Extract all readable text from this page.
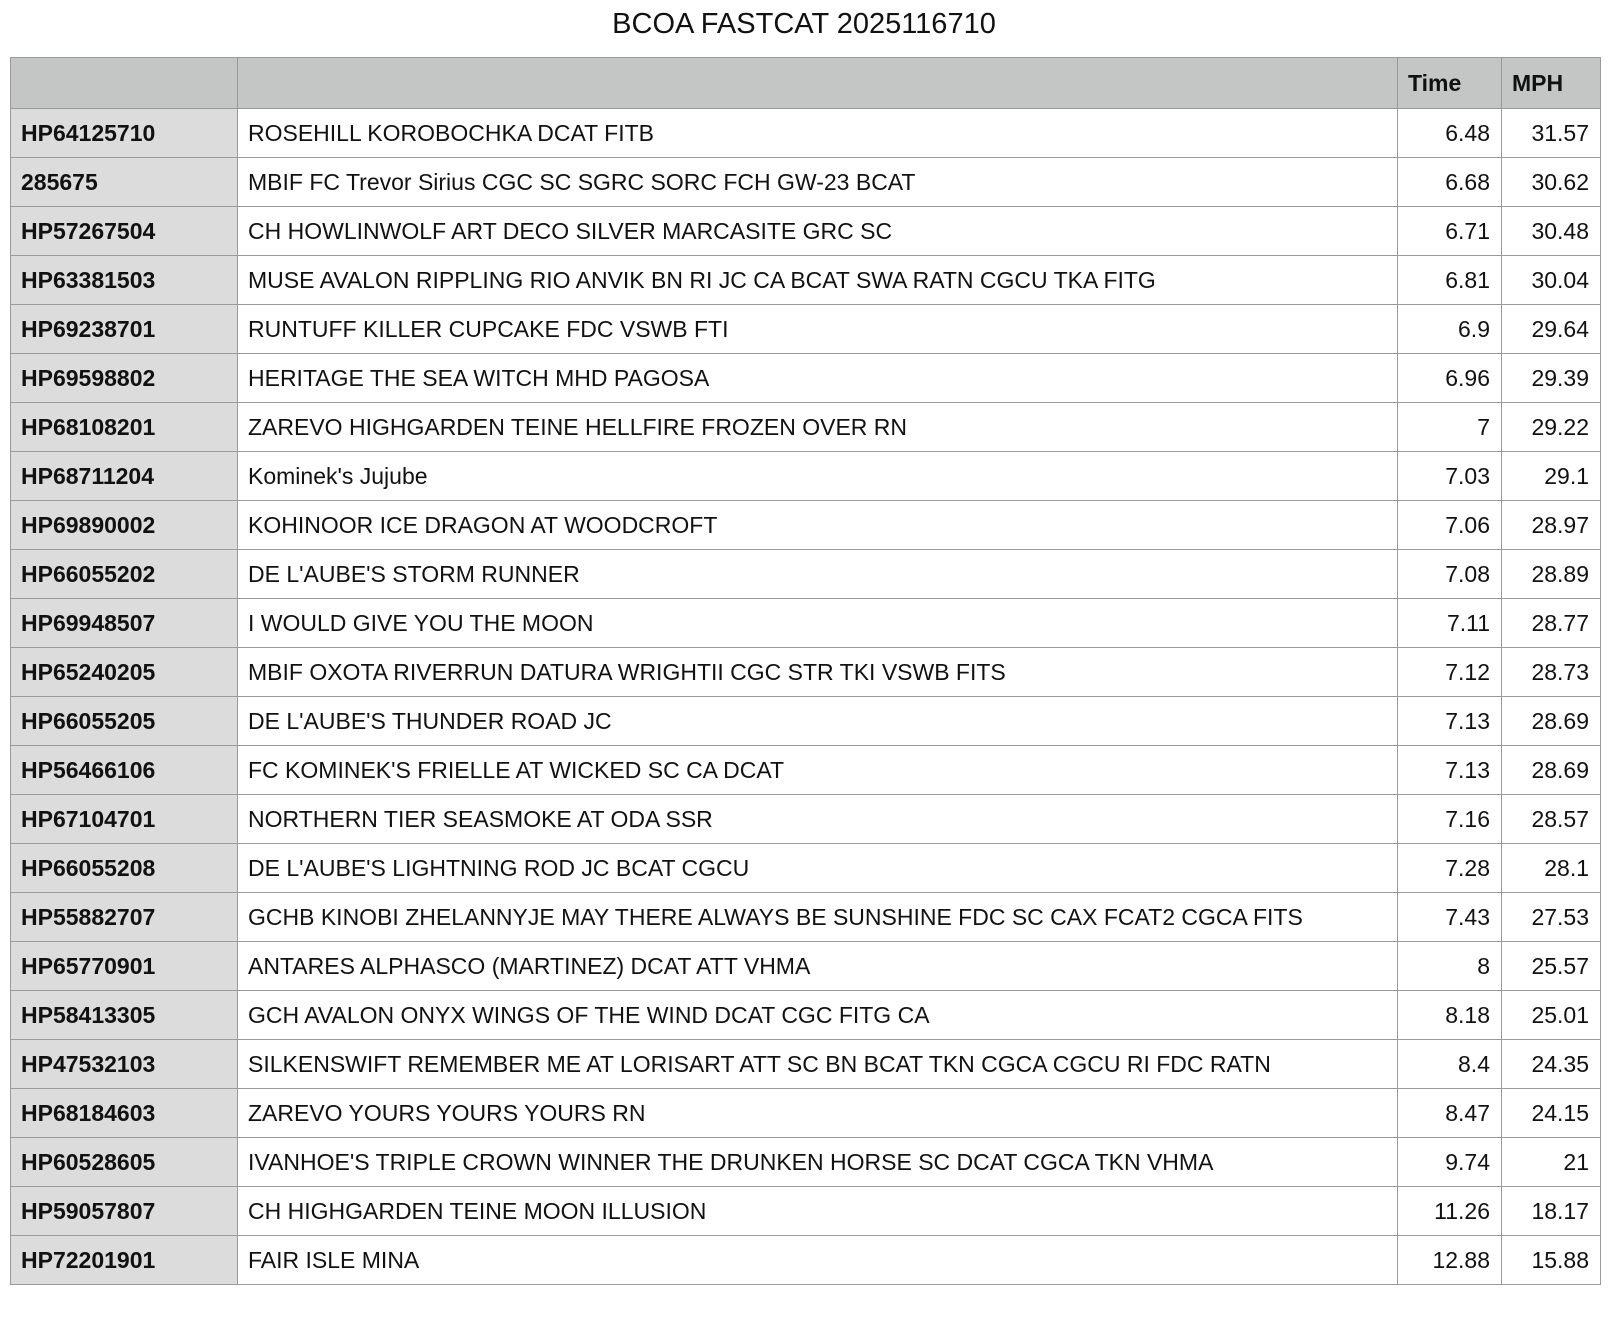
BCOA FASTCAT 2025116710
		Time	MPH
HP64125710	ROSEHILL KOROBOCHKA DCAT FITB	6.48	31.57
285675	MBIF FC Trevor Sirius CGC SC SGRC SORC FCH GW-23 BCAT	6.68	30.62
HP57267504	CH HOWLINWOLF ART DECO SILVER MARCASITE GRC SC	6.71	30.48
HP63381503	MUSE AVALON RIPPLING RIO ANVIK BN RI JC CA BCAT SWA RATN CGCU TKA FITG	6.81	30.04
HP69238701	RUNTUFF KILLER CUPCAKE FDC VSWB FTI	6.9	29.64
HP69598802	HERITAGE THE SEA WITCH MHD PAGOSA	6.96	29.39
HP68108201	ZAREVO HIGHGARDEN TEINE HELLFIRE FROZEN OVER RN	7	29.22
HP68711204	Kominek's Jujube	7.03	29.1
HP69890002	KOHINOOR ICE DRAGON AT WOODCROFT	7.06	28.97
HP66055202	DE L'AUBE'S STORM RUNNER	7.08	28.89
HP69948507	I WOULD GIVE YOU THE MOON	7.11	28.77
HP65240205	MBIF OXOTA RIVERRUN DATURA WRIGHTII CGC STR TKI VSWB FITS	7.12	28.73
HP66055205	DE L'AUBE'S THUNDER ROAD JC	7.13	28.69
HP56466106	FC KOMINEK'S FRIELLE AT WICKED SC CA DCAT	7.13	28.69
HP67104701	NORTHERN TIER SEASMOKE AT ODA SSR	7.16	28.57
HP66055208	DE L'AUBE'S LIGHTNING ROD JC BCAT CGCU	7.28	28.1
HP55882707	GCHB KINOBI ZHELANNYJE MAY THERE ALWAYS BE SUNSHINE FDC SC CAX FCAT2 CGCA FITS	7.43	27.53
HP65770901	ANTARES ALPHASCO (MARTINEZ) DCAT ATT VHMA	8	25.57
HP58413305	GCH AVALON ONYX WINGS OF THE WIND DCAT CGC FITG CA	8.18	25.01
HP47532103	SILKENSWIFT REMEMBER ME AT LORISART ATT SC BN BCAT TKN CGCA CGCU RI FDC RATN	8.4	24.35
HP68184603	ZAREVO YOURS YOURS YOURS RN	8.47	24.15
HP60528605	IVANHOE'S TRIPLE CROWN WINNER THE DRUNKEN HORSE SC DCAT CGCA TKN VHMA	9.74	21
HP59057807	CH HIGHGARDEN TEINE MOON ILLUSION	11.26	18.17
HP72201901	FAIR ISLE MINA	12.88	15.88
